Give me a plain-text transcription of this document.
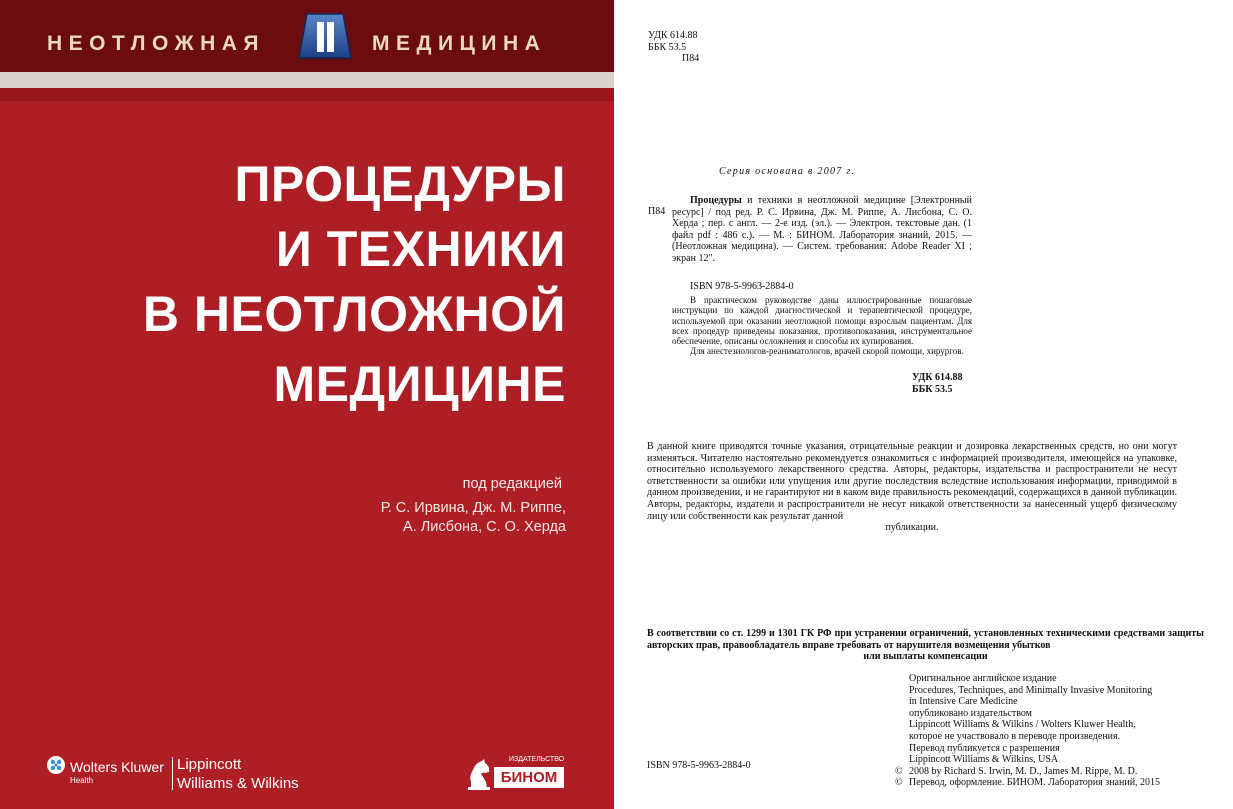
НЕОТЛОЖНАЯ	МЕДИЦИНА
ПРОЦЕДУРЫ
И ТЕХНИКИ
В НЕОТЛОЖНОЙ
МЕДИЦИНЕ
под редакцией
Р. С. Ирвина, Дж. М. Риппе,
А. Лисбона, С. О. Херда
Wolters Kluwer
Health
Lippincott
Williams & Wilkins
ИЗДАТЕЛЬСТВО
БИНОМ
УДК 614.88
ББК 53.5
П84
Серия основана в 2007 г.
П84
Процедуры и техники в неотложной медицине [Электронный ресурс] / под ред. Р. С. Ирвина, Дж. М. Риппе, А. Лисбона, С. О. Херда ; пер. с англ. — 2-е изд. (эл.). — Электрон. текстовые дан. (1 файл pdf : 486 с.). — М. : БИНОМ. Лаборатория знаний, 2015. — (Неотложная медицина). — Систем. требования: Adobe Reader XI ; экран 12".
ISBN 978-5-9963-2884-0

В практическом руководстве даны иллюстрированные пошаговые инструкции по каждой диагностической и терапевтической процедуре, используемой при оказании неотложной помощи взрослым пациентам. Для всех процедур приведены показания, противопоказания, инструментальное обеспечение, описаны осложнения и способы их купирования.

Для анестезиологов-реаниматологов, врачей скорой помощи, хирургов.

УДК 614.88
ББК 53.5
В данной книге приводятся точные указания, отрицательные реакции и дозировка лекарственных средств, но они могут изменяться. Читателю настоятельно рекомендуется ознакомиться с информацией производителя, имеющейся на упаковке, относительно используемого лекарственного средства. Авторы, редакторы, издательства и распространители не несут ответственности за ошибки или упущения или другие последствия вследствие использования информации, приводимой в данном произведении, и не гарантируют ни в каком виде правильность рекомендаций, содержащихся в данной публикации. Авторы, редакторы, издатели и распространители не несут никакой ответственности за нанесенный ущерб физическому лицу или собственности как результат данной
публикации.
В соответствии со ст. 1299 и 1301 ГК РФ при устранении ограничений, установленных техническими средствами защиты авторских прав, правообладатель вправе требовать от нарушителя возмещения убытков
или выплаты компенсации
Оригинальное английское издание
Procedures, Techniques, and Minimally Invasive Monitoring
in Intensive Care Medicine
опубликовано издательством
Lippincott Williams & Wilkins / Wolters Kluwer Health,
которое не участвовало в переводе произведения.
Перевод публикуется с разрешения
Lippincott Williams & Wilkins, USA
© 2008 by Richard S. Irwin, M. D., James M. Rippe, M. D.
© Перевод, оформление. БИНОМ. Лаборатория знаний, 2015
ISBN 978-5-9963-2884-0
